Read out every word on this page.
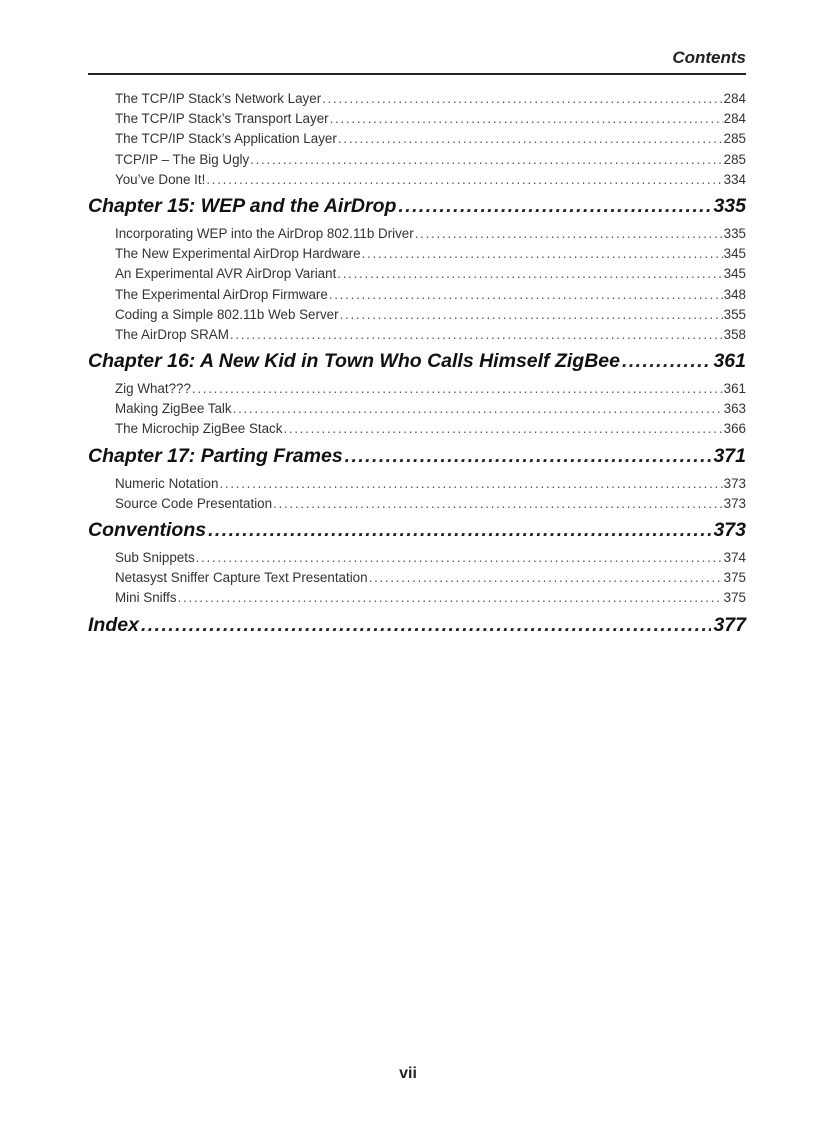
Contents
The TCP/IP Stack’s Network Layer . . .	284
The TCP/IP Stack’s Transport Layer . . .	284
The TCP/IP Stack’s Application Layer . . .	285
TCP/IP – The Big Ugly . . .	285
You’ve Done It! . . .	334
Chapter 15: WEP and the AirDrop . . .	335
Incorporating WEP into the AirDrop 802.11b Driver . . .	335
The New Experimental AirDrop Hardware . . .	345
An Experimental AVR AirDrop Variant . . .	345
The Experimental AirDrop Firmware . . .	348
Coding a Simple 802.11b Web Server . . .	355
The AirDrop SRAM . . .	358
Chapter 16: A New Kid in Town Who Calls Himself ZigBee . . .	361
Zig What??? . . .	361
Making ZigBee Talk . . .	363
The Microchip ZigBee Stack . . .	366
Chapter 17: Parting Frames . . .	371
Numeric Notation . . .	373
Source Code Presentation . . .	373
Conventions . . .	373
Sub Snippets . . .	374
Netasyst Sniffer Capture Text Presentation . . .	375
Mini Sniffs . . .	375
Index . . .	377
vii
